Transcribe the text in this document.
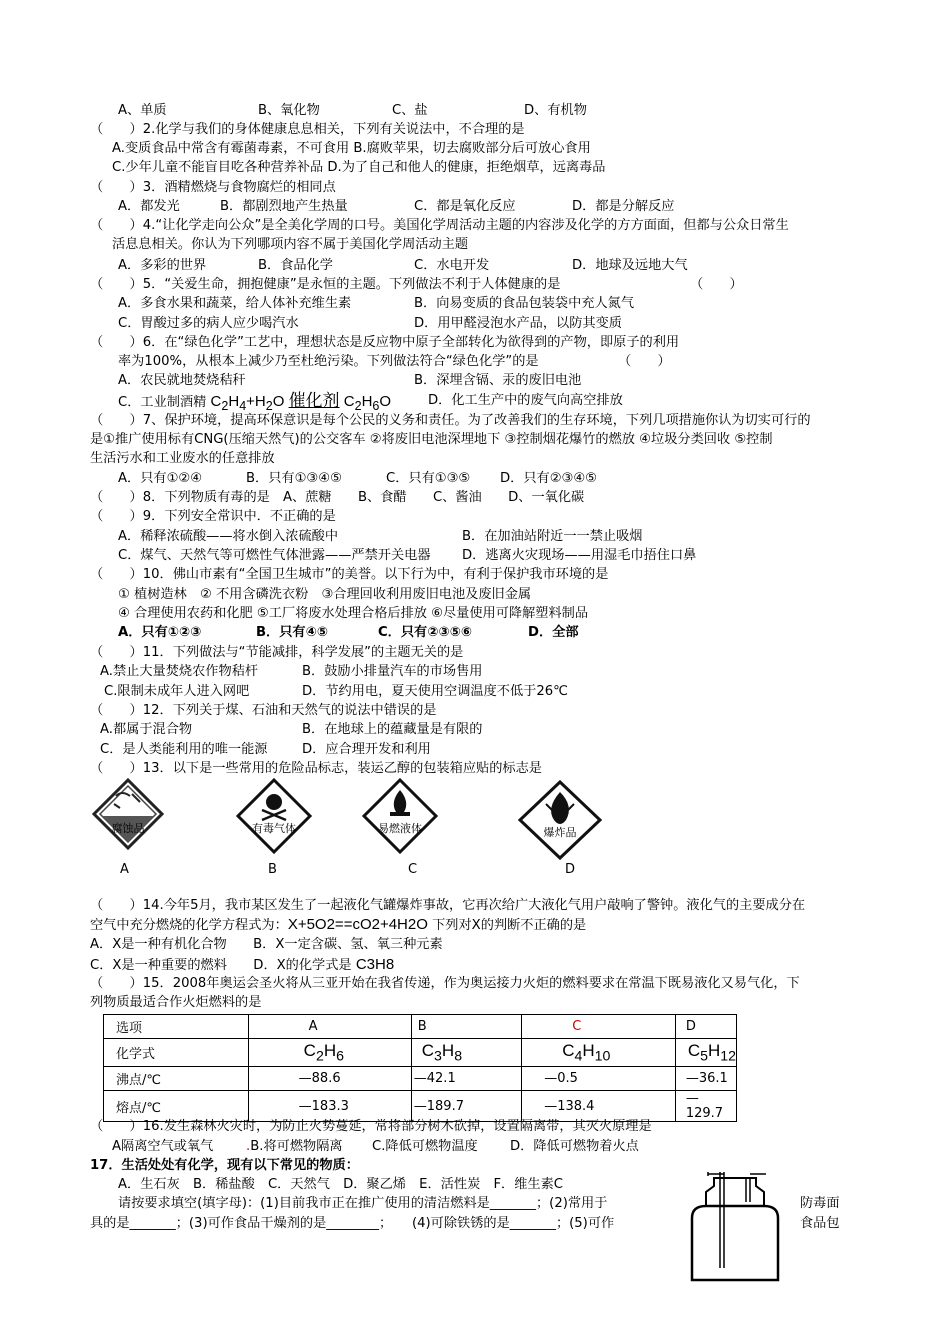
A、单质	B、氧化物	C、盐	D、有机物
（　　）2.化学与我们的身体健康息息相关，下列有关说法中，不合理的是
A.变质食品中常含有霉菌毒素，不可食用 B.腐败苹果，切去腐败部分后可放心食用
C.少年儿童不能盲目吃各种营养补品 D.为了自己和他人的健康，拒绝烟草，远离毒品
（　　）3．酒精燃烧与食物腐烂的相同点
A．都发光	B．都剧烈地产生热量	C．都是氧化反应	D．都是分解反应
（　　）4.“让化学走向公众”是全美化学周的口号。美国化学周活动主题的内容涉及化学的方方面面，但都与公众日常生
活息息相关。你认为下列哪项内容不属于美国化学周活动主题
A．多彩的世界	B．食品化学	C．水电开发	D．地球及远地大气
（　　）5．“关爱生命，拥抱健康”是永恒的主题。下列做法不利于人体健康的是	（　　）
A．多食水果和蔬菜，给人体补充维生素	B．向易变质的食品包装袋中充人氮气
C．胃酸过多的病人应少喝汽水	D．用甲醛浸泡水产品，以防其变质
（　　）6．在“绿色化学”工艺中，理想状态是反应物中原子全部转化为欲得到的产物，即原子的利用
率为100%，从根本上减少乃至杜绝污染。下列做法符合“绿色化学”的是	（　　）
A．农民就地焚烧秸秆	B．深埋含镉、汞的废旧电池
C．工业制酒精 $C_2H_4+H_2O$ 催化剂 $C_2H_6O$	D．化工生产中的废气向高空排放
（　　）7、保护环境，提高环保意识是每个公民的义务和责任。为了改善我们的生存环境，下列几项措施你认为切实可行的
是①推广使用标有CNG(压缩天然气)的公交客车 ②将废旧电池深埋地下 ③控制烟花爆竹的燃放 ④垃圾分类回收 ⑤控制
生活污水和工业废水的任意排放
A．只有①②④	B．只有①③④⑤	C．只有①③⑤ D．只有②③④⑤
（　　）8．下列物质有毒的是　A、蔗糖　　B、食醋　　C、酱油　　D、一氧化碳
（　　）9．下列安全常识中．不正确的是
A．稀释浓硫酸——将水倒入浓硫酸中	B．在加油站附近一一禁止吸烟
C．煤气、天然气等可燃性气体泄露——严禁开关电器 D．逃离火灾现场——用湿毛巾捂住口鼻
（　　）10．佛山市素有“全国卫生城市”的美誉。以下行为中，有利于保护我市环境的是
① 植树造林　② 不用含磷洗衣粉　③合理回收利用废旧电池及废旧金属
④ 合理使用农药和化肥 ⑤工厂将废水处理合格后排放 ⑥尽量使用可降解塑料制品
A．只有①②③	B．只有④⑤	C．只有②③⑤⑥	D．全部
（　　）11．下列做法与“节能减排，科学发展”的主题无关的是
A.禁止大量焚烧农作物秸杆	B．鼓励小排量汽车的市场售用
C.限制未成年人进入网吧	D．节约用电，夏天使用空调温度不低于26℃
（　　）12．下列关于煤、石油和天然气的说法中错误的是
A.都属于混合物	B．在地球上的蕴藏量是有限的
C．是人类能利用的唯一能源	D．应合理开发和利用
（　　）13．以下是一些常用的危险品标志，装运乙醇的包装箱应贴的标志是
腐蚀品	有毒气体	易燃液体	爆炸品
A	B	C	D
（　　）14.今年5月，我市某区发生了一起液化气罐爆炸事故，它再次给广大液化气用户敲响了警钟。液化气的主要成分在
空气中充分燃烧的化学方程式为：X+5O2==cO2+4H2O 下列对X的判断不正确的是
A．X是一种有机化合物　　B．X一定含碳、氢、氧三种元素
C．X是一种重要的燃料　　D．X的化学式是 C3H8
（　　）15．2008年奥运会圣火将从三亚开始在我省传递，作为奥运接力火炬的燃料要求在常温下既易液化又易气化，下
列物质最适合作火炬燃料的是
选项	A	B	C	D
化学式	$C_2H_6$	$C_3H_8$	$C_4H_{10}$	$C_5H_{12}$
沸点/℃	—88.6	—42.1	—0.5	—36.1
熔点/℃	—183.3	—189.7	—138.4	—129.7
（　　）16.发生森林火灾时，为防止火势蔓延，常将部分树木砍掉，设置隔离带，其灭火原理是
A隔离空气或氧气 .B.将可燃物隔离 C.降低可燃物温度 D．降低可燃物着火点
17．生活处处有化学，现有以下常见的物质：
A．生石灰　B．稀盐酸　C．天然气　D．聚乙烯　E．活性炭　F．维生素C
请按要求填空(填字母)：(1)目前我市正在推广使用的清洁燃料是_______；(2)常用于	防毒面
具的是_______；(3)可作食品干燥剂的是________；　　(4)可除铁锈的是_______；(5)可作	食品包
